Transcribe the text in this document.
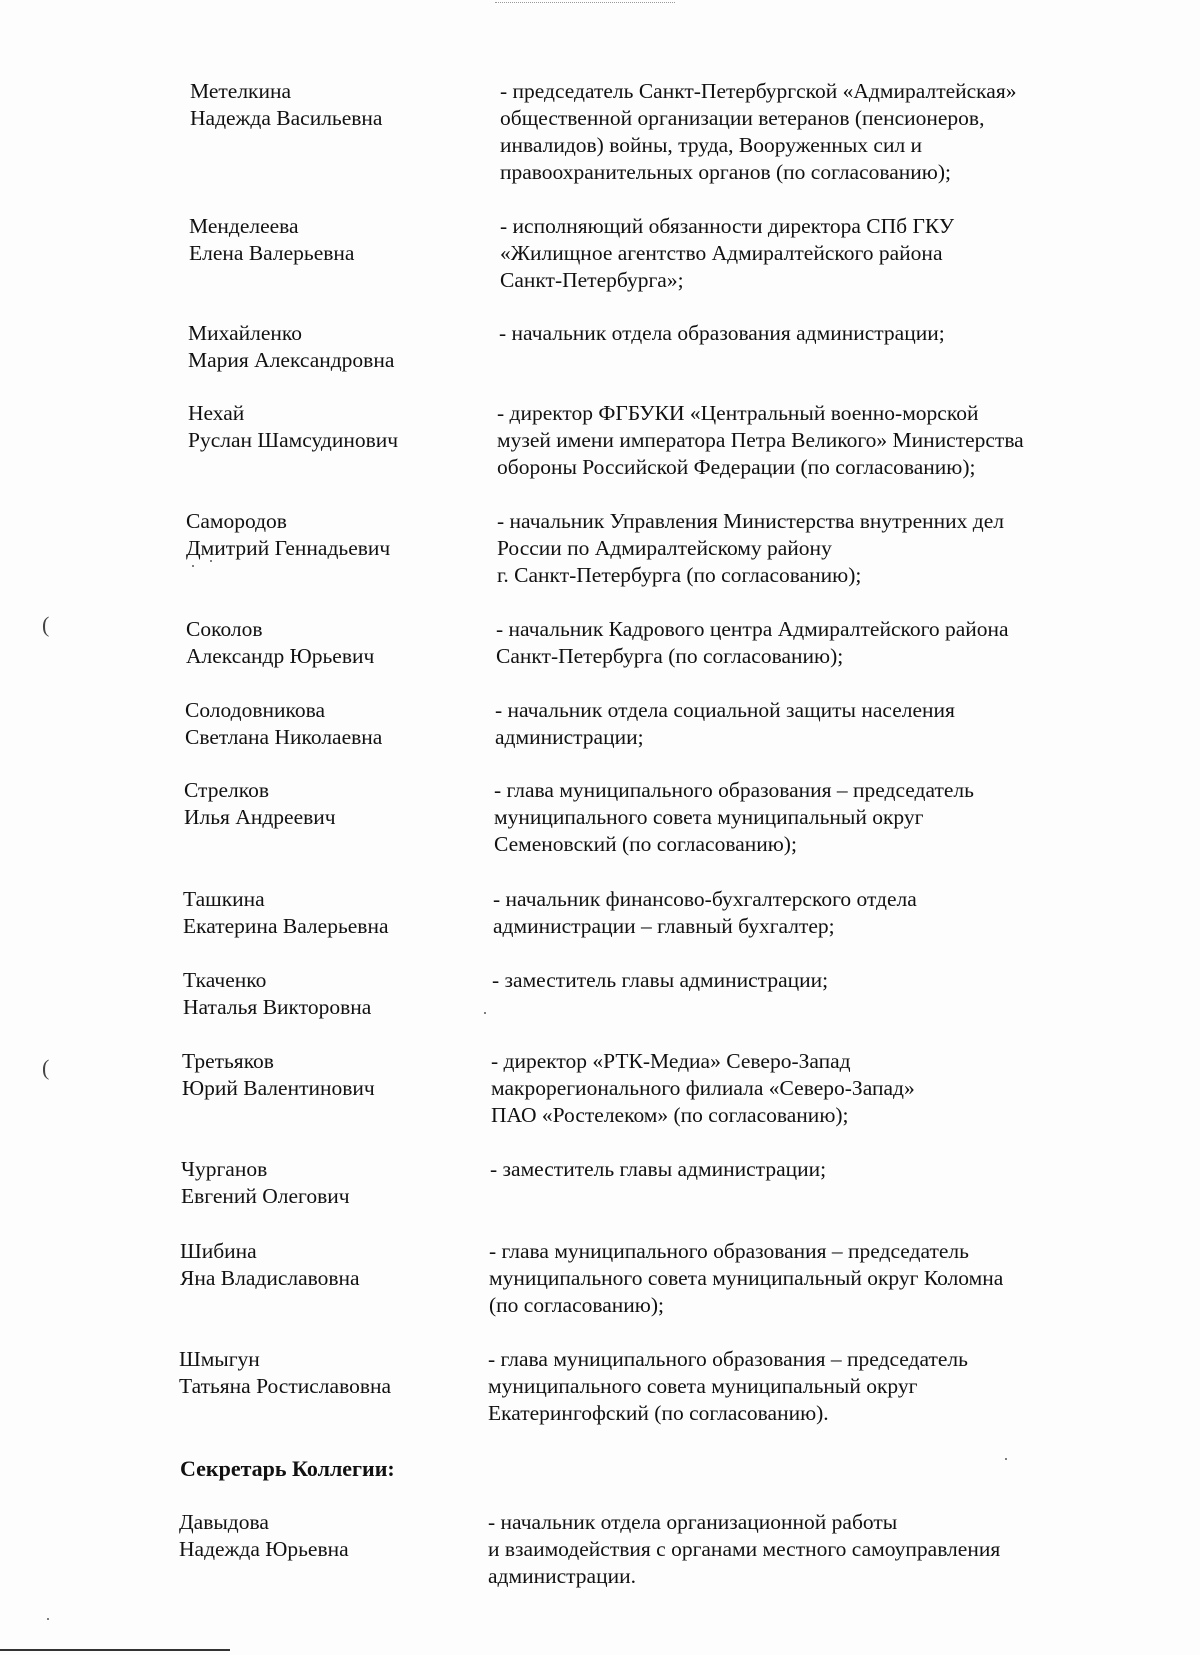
Метелкина
Надежда Васильевна
- председатель Санкт-Петербургской «Адмиралтейская»
общественной организации ветеранов (пенсионеров,
инвалидов) войны, труда, Вооруженных сил и
правоохранительных органов (по согласованию);
Менделеева
Елена Валерьевна
- исполняющий обязанности директора СПб ГКУ
«Жилищное агентство Адмиралтейского района
Санкт-Петербурга»;
Михайленко
Мария Александровна
- начальник отдела образования администрации;
Нехай
Руслан Шамсудинович
- директор ФГБУКИ «Центральный военно-морской
музей имени императора Петра Великого» Министерства
обороны Российской Федерации (по согласованию);
Самородов
Дмитрий Геннадьевич
- начальник Управления Министерства внутренних дел
России по Адмиралтейскому району
г. Санкт-Петербурга (по согласованию);
Соколов
Александр Юрьевич
- начальник Кадрового центра Адмиралтейского района
Санкт-Петербурга (по согласованию);
Солодовникова
Светлана Николаевна
- начальник отдела социальной защиты населения
администрации;
Стрелков
Илья Андреевич
- глава муниципального образования – председатель
муниципального совета муниципальный округ
Семеновский (по согласованию);
Ташкина
Екатерина Валерьевна
- начальник финансово-бухгалтерского отдела
администрации – главный бухгалтер;
Ткаченко
Наталья Викторовна
- заместитель главы администрации;
Третьяков
Юрий Валентинович
- директор «РТК-Медиа» Северо-Запад
макрорегионального филиала «Северо-Запад»
ПАО «Ростелеком» (по согласованию);
Чурганов
Евгений Олегович
- заместитель главы администрации;
Шибина
Яна Владиславовна
- глава муниципального образования – председатель
муниципального совета муниципальный округ Коломна
(по согласованию);
Шмыгун
Татьяна Ростиславовна
- глава муниципального образования – председатель
муниципального совета муниципальный округ
Екатерингофский (по согласованию).
Секретарь Коллегии:
Давыдова
Надежда Юрьевна
- начальник отдела организационной работы
и взаимодействия с органами местного самоуправления
администрации.
(
(
